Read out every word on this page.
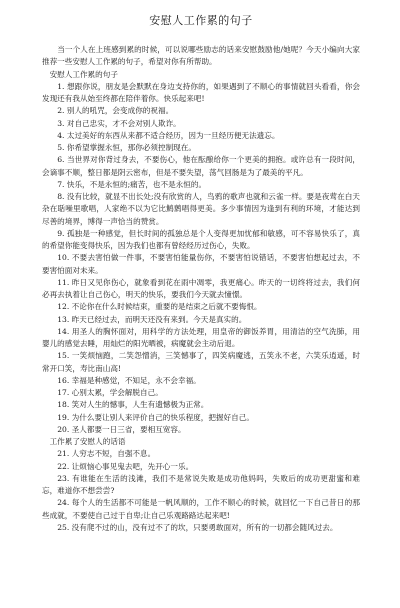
安慰人工作累的句子

当一个人在上班感到累的时候，可以说哪些励志的话来安慰鼓励他/她呢？今天小编向大家推荐一些安慰人工作累的句子，希望对你有所帮助。

安慰人工作累的句子

1. 想跟你说，朋友是会默默在身边支持你的，如果遇到了不顺心的事情就回头看看，你会发现还有我从始至终都在陪伴着你。快乐起来吧!

2. 别人的吼咒，会变成你的祝福。

3. 对自己忠实，才不会对别人欺诈。

4. 太过美好的东西从来都不适合经历，因为一旦经历便无法遗忘。

5. 你希望掌握永恒，那你必须控制现在。

6. 当世界对你背过身去，不要伤心，他在酝酿给你一个更美的拥抱。或许总有一段时间，会谪事不顺，整日都是阴云密布，但是不要失望，荡气回肠是为了最美的平凡。

7. 快乐，不是永恒的;痛苦，也不是永恒的。

8. 没有比较，就显不出长处;没有欣赏的人，鸟鸦的歌声也就和云雀一样。要是夜莺在白天杂在聒噪里歌唱，人家绝不以为它比鹪鹩唱得更美。多少事情因为逢到有利的环境，才能达到尽善的境界，博得一声恰当的赞赏。

9. 孤独是一种感觉，但长时间的孤独总是个人变得更加忧郁和敏感，可不容易快乐了，真的希望你能变得快乐，因为我们也都有曾经经历过伤心，失败。

10. 不要去害怕做一件事，不要害怕能量伤你，不要害怕说错话，不要害怕想起过去，不要害怕面对未来。

11. 昨日又见你伤心，就象看到花在雨中凋零，我更痛心。昨天的一切终将过去，我们何必再去执着让自己伤心，明天的快乐，要我们今天就去憧憬。

12. 不论你在什么时候结束，重要的是结束之后就不要悔恨。

13. 昨天已经过去，而明天还没有来到。今天是真实的。

14. 用圣人的胸怀面对，用科学的方法处理，用皇帝的御饭养胃，用清洁的空气洗肺，用婴儿的感觉去睡，用灿烂的阳光晒被，病魔就会主动后退。

15. 一笑烦恼跑，二笑怨憎消，三笑憾事了，四笑病魔逃，五笑永不老，六笑乐逍遥，时常开口笑，寿比南山高!

16. 幸福是种感觉，不知足，永不会幸福。

17. 心别太累，学会解脱自己。

18. 笑对人生的憾事，人生有遗憾极为正常。

19. 为什么要让别人来评价自己的快乐程度，把握好自己。

20. 圣人都要一日三省，要相互宽容。

工作累了安慰人的话语

21. 人穷志不短，自强不息。

22. 让烦恼心事见鬼去吧，先开心一乐。

23. 有谁能在生活的浅滩，我们不是常说失败是成功他妈吗，失败后的成功更甜蜜和难忘，难道你不想尝尝?

24. 每个人的生活都不可能是一帆风顺的，工作不顺心的时候，就回忆一下自己昔日的那些成就，不要使自己过于自卑;让自己乐观路路达起来吧!

25. 没有爬不过的山，没有过不了的坎，只要勇敢面对，所有的一切都会随风过去。
